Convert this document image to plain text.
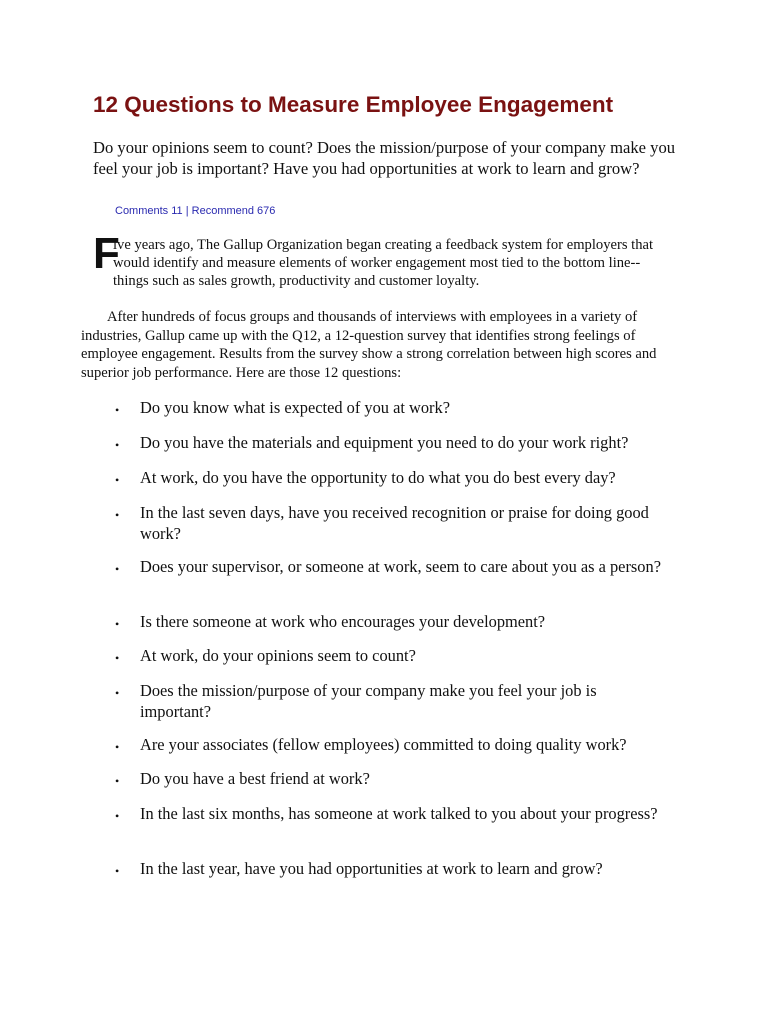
12 Questions to Measure Employee Engagement

Do your opinions seem to count? Does the mission/purpose of your company make you feel your job is important? Have you had opportunities at work to learn and grow?

Comments 11 | Recommend 676
F

ive years ago, The Gallup Organization began creating a feedback system for employers that would identify and measure elements of worker engagement most tied to the bottom line--things such as sales growth, productivity and customer loyalty.

After hundreds of focus groups and thousands of interviews with employees in a variety of industries, Gallup came up with the Q12, a 12-question survey that identifies strong feelings of employee engagement. Results from the survey show a strong correlation between high scores and superior job performance. Here are those 12 questions:

• Do you know what is expected of you at work?
• Do you have the materials and equipment you need to do your work right?
• At work, do you have the opportunity to do what you do best every day?
• In the last seven days, have you received recognition or praise for doing good work?
• Does your supervisor, or someone at work, seem to care about you as a person?
• Is there someone at work who encourages your development?
• At work, do your opinions seem to count?
• Does the mission/purpose of your company make you feel your job is important?
• Are your associates (fellow employees) committed to doing quality work?
• Do you have a best friend at work?
• In the last six months, has someone at work talked to you about your progress?
• In the last year, have you had opportunities at work to learn and grow?
